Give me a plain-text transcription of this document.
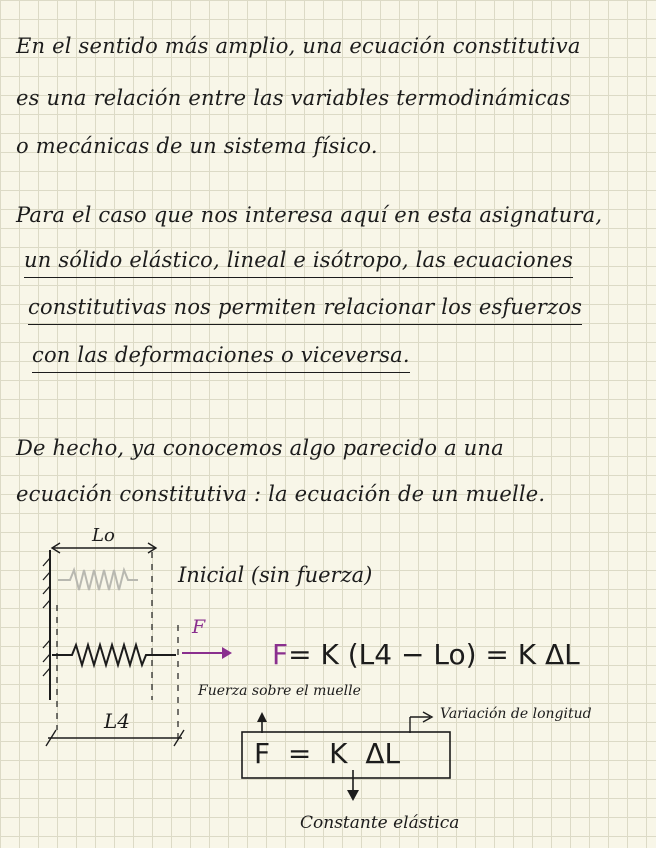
En el sentido más amplio, una ecuación constitutiva
es una relación entre las variables termodinámicas
o mecánicas de un sistema físico.
Para el caso que nos interesa aquí en esta asignatura,
un sólido elástico, lineal e isótropo, las ecuaciones
constitutivas nos permiten relacionar los esfuerzos
con las deformaciones o viceversa.
De hecho, ya conocemos algo parecido a una
ecuación constitutiva : la ecuación de un muelle.
Lo
Inicial (sin fuerza)
F
F= K (L4 − Lo) = K ΔL
Fuerza sobre el muelle
L4	Variación de longitud
F  =  K  ΔL
Constante elástica
